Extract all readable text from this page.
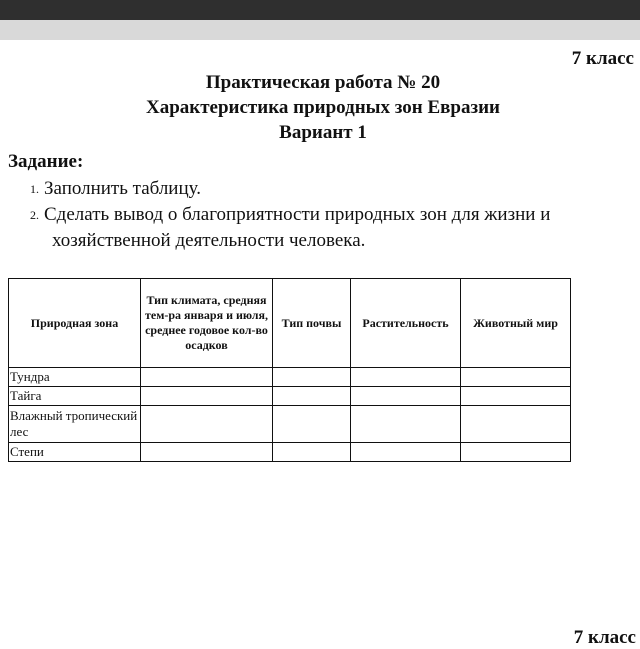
7 класс
Практическая работа № 20
Характеристика природных зон Евразии
Вариант 1
Задание:
1. Заполнить таблицу.
2. Сделать вывод о благоприятности природных зон для жизни и
хозяйственной деятельности человека.
Природная зона	Тип климата, средняя тем-ра января и июля, среднее годовое кол-во осадков	Тип почвы	Растительность	Животный мир
Тундра				
Тайга				
Влажный тропический лес				
Степи				
7 класс
